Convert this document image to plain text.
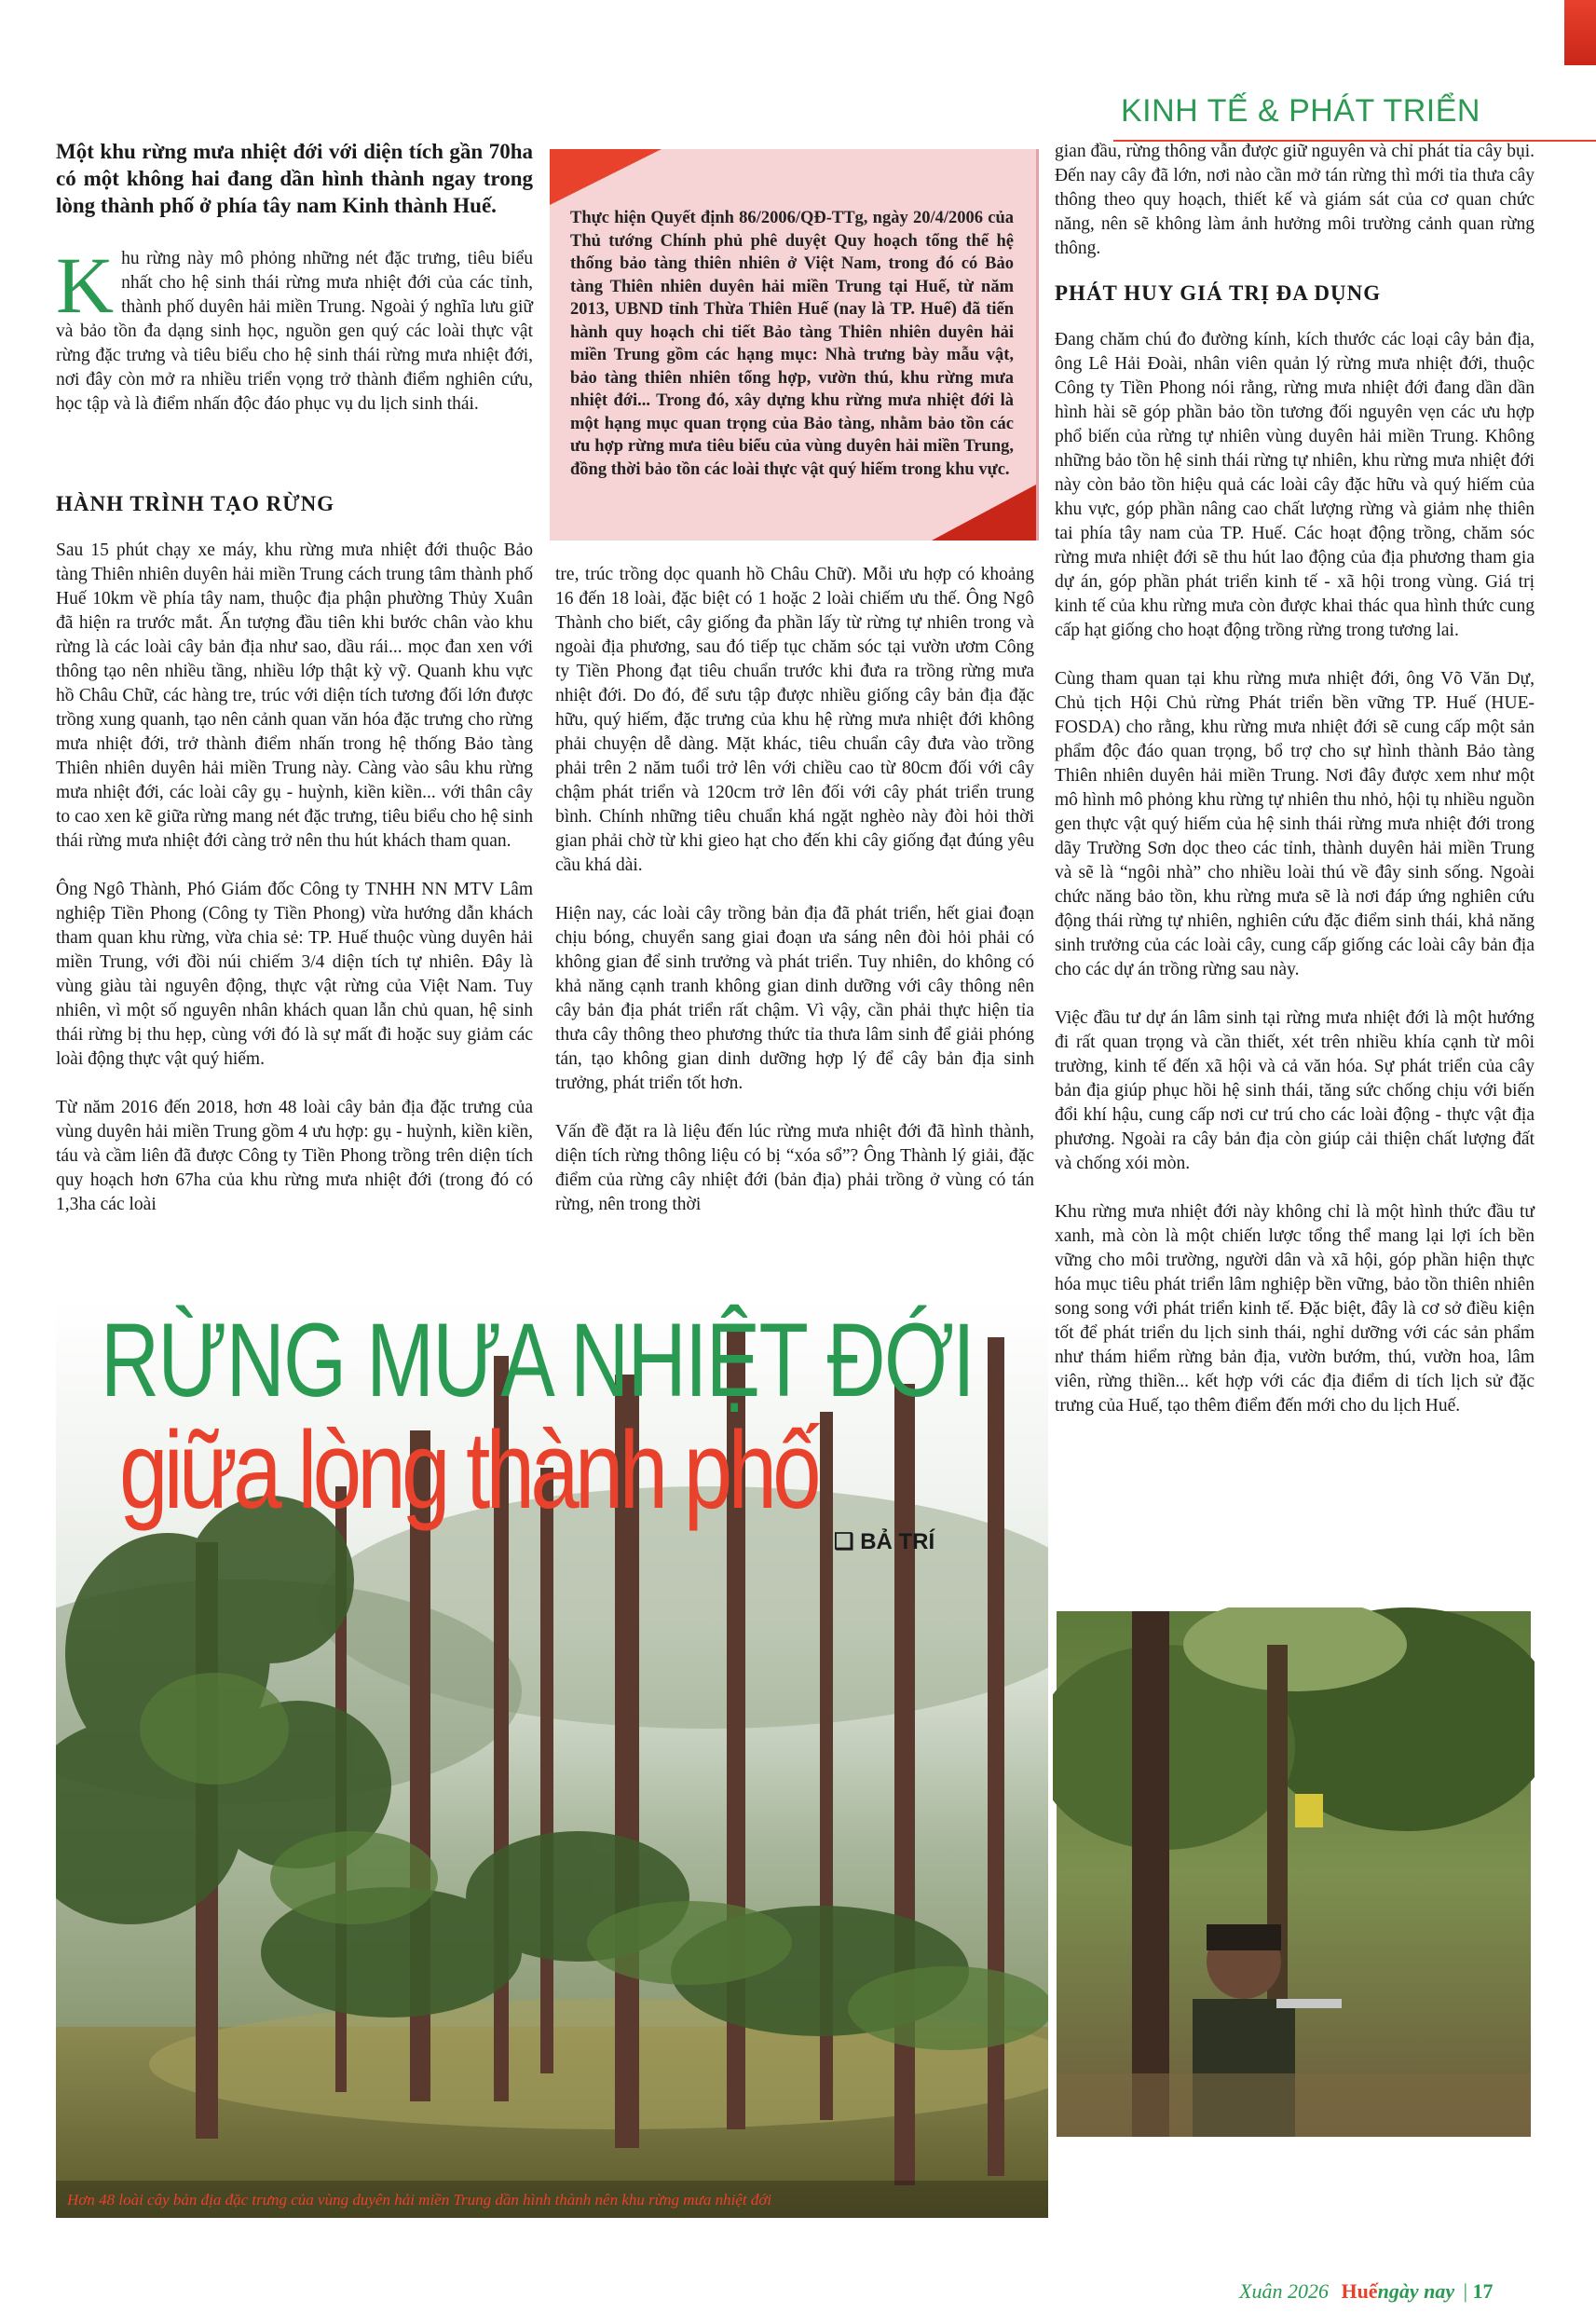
KINH TẾ & PHÁT TRIỂN
Một khu rừng mưa nhiệt đới với diện tích gần 70ha có một không hai đang dần hình thành ngay trong lòng thành phố ở phía tây nam Kinh thành Huế.

Khu rừng này mô phỏng những nét đặc trưng, tiêu biểu nhất cho hệ sinh thái rừng mưa nhiệt đới của các tỉnh, thành phố duyên hải miền Trung. Ngoài ý nghĩa lưu giữ và bảo tồn đa dạng sinh học, nguồn gen quý các loài thực vật rừng đặc trưng và tiêu biểu cho hệ sinh thái rừng mưa nhiệt đới, nơi đây còn mở ra nhiều triển vọng trở thành điểm nghiên cứu, học tập và là điểm nhấn độc đáo phục vụ du lịch sinh thái.

HÀNH TRÌNH TẠO RỪNG

Sau 15 phút chạy xe máy, khu rừng mưa nhiệt đới thuộc Bảo tàng Thiên nhiên duyên hải miền Trung cách trung tâm thành phố Huế 10km về phía tây nam, thuộc địa phận phường Thủy Xuân đã hiện ra trước mắt. Ấn tượng đầu tiên khi bước chân vào khu rừng là các loài cây bản địa như sao, dầu rái... mọc đan xen với thông tạo nên nhiều tầng, nhiều lớp thật kỳ vỹ. Quanh khu vực hồ Châu Chữ, các hàng tre, trúc với diện tích tương đối lớn được trồng xung quanh, tạo nên cảnh quan văn hóa đặc trưng cho rừng mưa nhiệt đới, trở thành điểm nhấn trong hệ thống Bảo tàng Thiên nhiên duyên hải miền Trung này. Càng vào sâu khu rừng mưa nhiệt đới, các loài cây gụ - huỳnh, kiền kiền... với thân cây to cao xen kẽ giữa rừng mang nét đặc trưng, tiêu biểu cho hệ sinh thái rừng mưa nhiệt đới càng trở nên thu hút khách tham quan.

Ông Ngô Thành, Phó Giám đốc Công ty TNHH NN MTV Lâm nghiệp Tiền Phong (Công ty Tiền Phong) vừa hướng dẫn khách tham quan khu rừng, vừa chia sẻ: TP. Huế thuộc vùng duyên hải miền Trung, với đồi núi chiếm 3/4 diện tích tự nhiên. Đây là vùng giàu tài nguyên động, thực vật rừng của Việt Nam. Tuy nhiên, vì một số nguyên nhân khách quan lẫn chủ quan, hệ sinh thái rừng bị thu hẹp, cùng với đó là sự mất đi hoặc suy giảm các loài động thực vật quý hiếm.

Từ năm 2016 đến 2018, hơn 48 loài cây bản địa đặc trưng của vùng duyên hải miền Trung gồm 4 ưu hợp: gụ - huỳnh, kiền kiền, táu và cầm liên đã được Công ty Tiền Phong trồng trên diện tích quy hoạch hơn 67ha của khu rừng mưa nhiệt đới (trong đó có 1,3ha các loài

Thực hiện Quyết định 86/2006/QĐ-TTg, ngày 20/4/2006 của Thủ tướng Chính phủ phê duyệt Quy hoạch tổng thể hệ thống bảo tàng thiên nhiên ở Việt Nam, trong đó có Bảo tàng Thiên nhiên duyên hải miền Trung tại Huế, từ năm 2013, UBND tỉnh Thừa Thiên Huế (nay là TP. Huế) đã tiến hành quy hoạch chi tiết Bảo tàng Thiên nhiên duyên hải miền Trung gồm các hạng mục: Nhà trưng bày mẫu vật, bảo tàng thiên nhiên tổng hợp, vườn thú, khu rừng mưa nhiệt đới... Trong đó, xây dựng khu rừng mưa nhiệt đới là một hạng mục quan trọng của Bảo tàng, nhằm bảo tồn các ưu hợp rừng mưa tiêu biểu của vùng duyên hải miền Trung, đồng thời bảo tồn các loài thực vật quý hiếm trong khu vực.

tre, trúc trồng dọc quanh hồ Châu Chữ). Mỗi ưu hợp có khoảng 16 đến 18 loài, đặc biệt có 1 hoặc 2 loài chiếm ưu thế. Ông Ngô Thành cho biết, cây giống đa phần lấy từ rừng tự nhiên trong và ngoài địa phương, sau đó tiếp tục chăm sóc tại vườn ươm Công ty Tiền Phong đạt tiêu chuẩn trước khi đưa ra trồng rừng mưa nhiệt đới. Do đó, để sưu tập được nhiều giống cây bản địa đặc hữu, quý hiếm, đặc trưng của khu hệ rừng mưa nhiệt đới không phải chuyện dễ dàng. Mặt khác, tiêu chuẩn cây đưa vào trồng phải trên 2 năm tuổi trở lên với chiều cao từ 80cm đối với cây chậm phát triển và 120cm trở lên đối với cây phát triển trung bình. Chính những tiêu chuẩn khá ngặt nghèo này đòi hỏi thời gian phải chờ từ khi gieo hạt cho đến khi cây giống đạt đúng yêu cầu khá dài.

Hiện nay, các loài cây trồng bản địa đã phát triển, hết giai đoạn chịu bóng, chuyển sang giai đoạn ưa sáng nên đòi hỏi phải có không gian để sinh trưởng và phát triển. Tuy nhiên, do không có khả năng cạnh tranh không gian dinh dưỡng với cây thông nên cây bản địa phát triển rất chậm. Vì vậy, cần phải thực hiện tỉa thưa cây thông theo phương thức tỉa thưa lâm sinh để giải phóng tán, tạo không gian dinh dưỡng hợp lý để cây bản địa sinh trưởng, phát triển tốt hơn.

Vấn đề đặt ra là liệu đến lúc rừng mưa nhiệt đới đã hình thành, diện tích rừng thông liệu có bị “xóa sổ”? Ông Thành lý giải, đặc điểm của rừng cây nhiệt đới (bản địa) phải trồng ở vùng có tán rừng, nên trong thời

gian đầu, rừng thông vẫn được giữ nguyên và chỉ phát tỉa cây bụi. Đến nay cây đã lớn, nơi nào cần mở tán rừng thì mới tỉa thưa cây thông theo quy hoạch, thiết kế và giám sát của cơ quan chức năng, nên sẽ không làm ảnh hưởng môi trường cảnh quan rừng thông.

PHÁT HUY GIÁ TRỊ ĐA DỤNG

Đang chăm chú đo đường kính, kích thước các loại cây bản địa, ông Lê Hải Đoài, nhân viên quản lý rừng mưa nhiệt đới, thuộc Công ty Tiền Phong nói rằng, rừng mưa nhiệt đới đang dần dần hình hài sẽ góp phần bảo tồn tương đối nguyên vẹn các ưu hợp phổ biến của rừng tự nhiên vùng duyên hải miền Trung. Không những bảo tồn hệ sinh thái rừng tự nhiên, khu rừng mưa nhiệt đới này còn bảo tồn hiệu quả các loài cây đặc hữu và quý hiếm của khu vực, góp phần nâng cao chất lượng rừng và giảm nhẹ thiên tai phía tây nam của TP. Huế. Các hoạt động trồng, chăm sóc rừng mưa nhiệt đới sẽ thu hút lao động của địa phương tham gia dự án, góp phần phát triển kinh tế - xã hội trong vùng. Giá trị kinh tế của khu rừng mưa còn được khai thác qua hình thức cung cấp hạt giống cho hoạt động trồng rừng trong tương lai.

Cùng tham quan tại khu rừng mưa nhiệt đới, ông Võ Văn Dự, Chủ tịch Hội Chủ rừng Phát triển bền vững TP. Huế (HUE-FOSDA) cho rằng, khu rừng mưa nhiệt đới sẽ cung cấp một sản phẩm độc đáo quan trọng, bổ trợ cho sự hình thành Bảo tàng Thiên nhiên duyên hải miền Trung. Nơi đây được xem như một mô hình mô phỏng khu rừng tự nhiên thu nhỏ, hội tụ nhiều nguồn gen thực vật quý hiếm của hệ sinh thái rừng mưa nhiệt đới trong dãy Trường Sơn dọc theo các tỉnh, thành duyên hải miền Trung và sẽ là “ngôi nhà” cho nhiều loài thú về đây sinh sống. Ngoài chức năng bảo tồn, khu rừng mưa sẽ là nơi đáp ứng nghiên cứu động thái rừng tự nhiên, nghiên cứu đặc điểm sinh thái, khả năng sinh trưởng của các loài cây, cung cấp giống các loài cây bản địa cho các dự án trồng rừng sau này.

Việc đầu tư dự án lâm sinh tại rừng mưa nhiệt đới là một hướng đi rất quan trọng và cần thiết, xét trên nhiều khía cạnh từ môi trường, kinh tế đến xã hội và cả văn hóa. Sự phát triển của cây bản địa giúp phục hồi hệ sinh thái, tăng sức chống chịu với biến đổi khí hậu, cung cấp nơi cư trú cho các loài động - thực vật địa phương. Ngoài ra cây bản địa còn giúp cải thiện chất lượng đất và chống xói mòn.

Khu rừng mưa nhiệt đới này không chỉ là một hình thức đầu tư xanh, mà còn là một chiến lược tổng thể mang lại lợi ích bền vững cho môi trường, người dân và xã hội, góp phần hiện thực hóa mục tiêu phát triển lâm nghiệp bền vững, bảo tồn thiên nhiên song song với phát triển kinh tế. Đặc biệt, đây là cơ sở điều kiện tốt để phát triển du lịch sinh thái, nghỉ dưỡng với các sản phẩm như thám hiểm rừng bản địa, vườn bướm, thú, vườn hoa, lâm viên, rừng thiền... kết hợp với các địa điểm di tích lịch sử đặc trưng của Huế, tạo thêm điểm đến mới cho du lịch Huế.

RỪNG MƯA NHIỆT ĐỚI
giữa lòng thành phố
❑ BẢ TRÍ
Hơn 48 loài cây bản địa đặc trưng của vùng duyên hải miền Trung dần hình thành nên khu rừng mưa nhiệt đới
Chăm sóc các loại cây bản địa đặc hữu
Xuân 2026 Huếngày nay | 17
